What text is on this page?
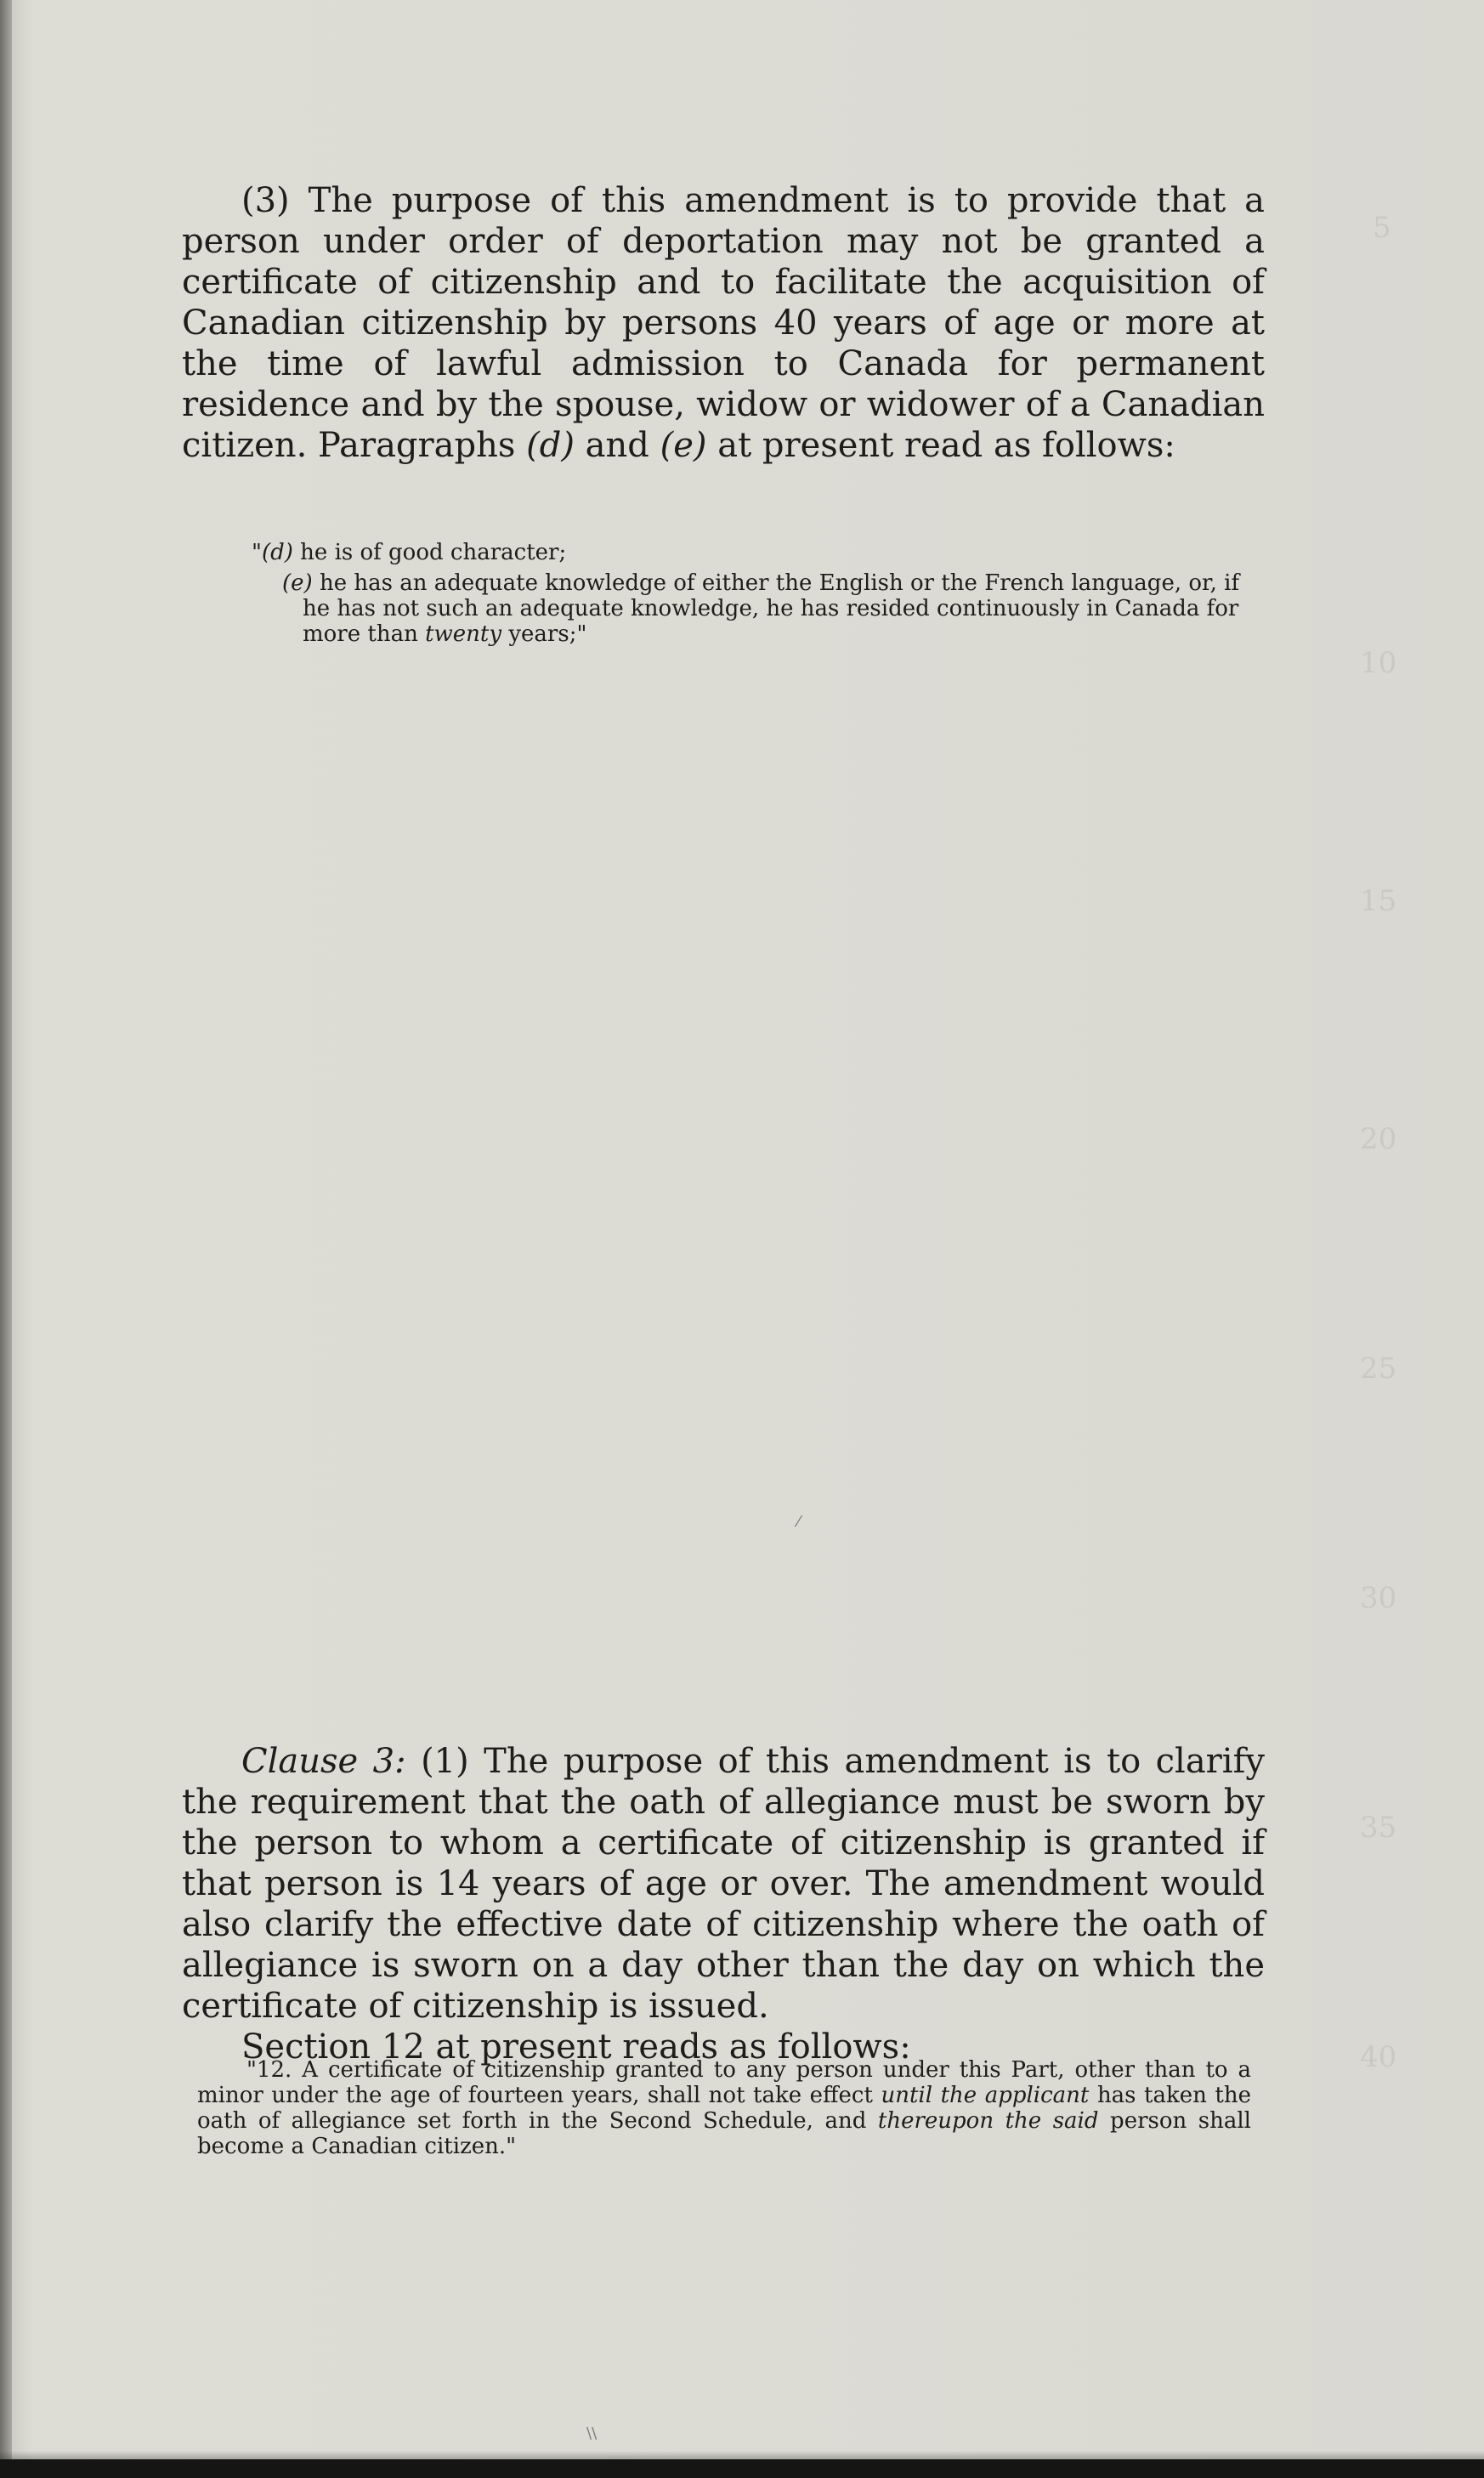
5
10
15
20
25
30
35
40

(3) The purpose of this amendment is to provide that a person under order of deportation may not be granted a certificate of citizenship and to facilitate the acquisition of Canadian citizenship by persons 40 years of age or more at the time of lawful admission to Canada for permanent residence and by the spouse, widow or widower of a Canadian citizen. Paragraphs (d) and (e) at present read as follows:

"(d) he is of good character;

(e) he has an adequate knowledge of either the English or the French language, or, if he has not such an adequate knowledge, he has resided continuously in Canada for more than twenty years;"

⁄

Clause 3: (1) The purpose of this amendment is to clarify the requirement that the oath of allegiance must be sworn by the person to whom a certificate of citizenship is granted if that person is 14 years of age or over. The amendment would also clarify the effective date of citizenship where the oath of allegiance is sworn on a day other than the day on which the certificate of citizenship is issued.

Section 12 at present reads as follows:

"12. A certificate of citizenship granted to any person under this Part, other than to a minor under the age of fourteen years, shall not take effect until the applicant has taken the oath of allegiance set forth in the Second Schedule, and thereupon the said person shall become a Canadian citizen."

\\
